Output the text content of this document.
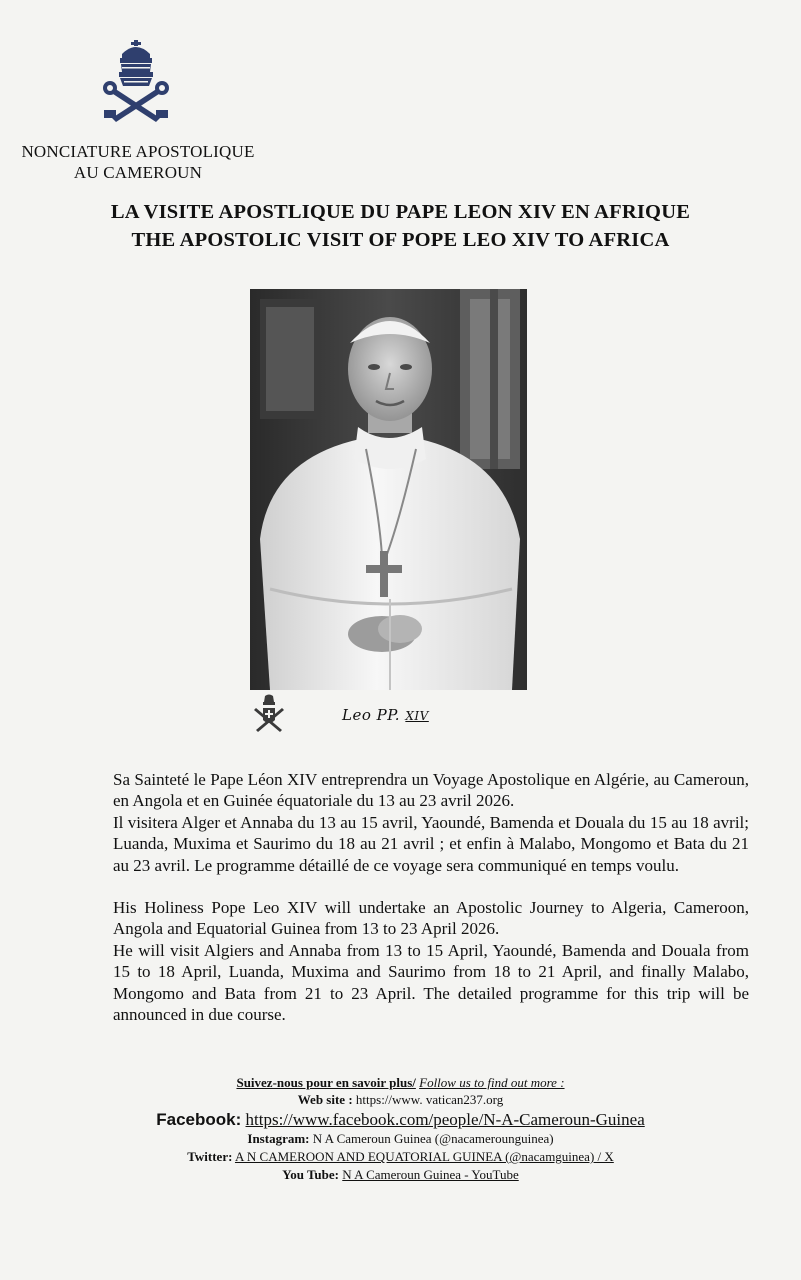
NONCIATURE APOSTOLIQUE
AU CAMEROUN
LA VISITE APOSTLIQUE DU PAPE LEON XIV EN AFRIQUE
THE APOSTOLIC VISIT OF POPE LEO XIV TO AFRICA
Leo PP. XIV

Sa Sainteté le Pape Léon XIV entreprendra un Voyage Apostolique en Algérie, au Cameroun, en Angola et en Guinée équatoriale du 13 au 23 avril 2026.

Il visitera Alger et Annaba du 13 au 15 avril, Yaoundé, Bamenda et Douala du 15 au 18 avril; Luanda, Muxima et Saurimo du 18 au 21 avril ; et enfin à Malabo, Mongomo et Bata du 21 au 23 avril. Le programme détaillé de ce voyage sera communiqué en temps voulu.

His Holiness Pope Leo XIV will undertake an Apostolic Journey to Algeria, Cameroon, Angola and Equatorial Guinea from 13 to 23 April 2026.

He will visit Algiers and Annaba from 13 to 15 April, Yaoundé, Bamenda and Douala from 15 to 18 April, Luanda, Muxima and Saurimo from 18 to 21 April, and finally Malabo, Mongomo and Bata from 21 to 23 April. The detailed programme for this trip will be announced in due course.

Suivez-nous pour en savoir plus/ Follow us to find out more :
Web site : https://www. vatican237.org
Facebook: https://www.facebook.com/people/N-A-Cameroun-Guinea
Instagram: N A Cameroun Guinea (@nacamerounguinea)
Twitter: A N CAMEROON AND EQUATORIAL GUINEA (@nacamguinea) / X
You Tube: N A Cameroun Guinea - YouTube
